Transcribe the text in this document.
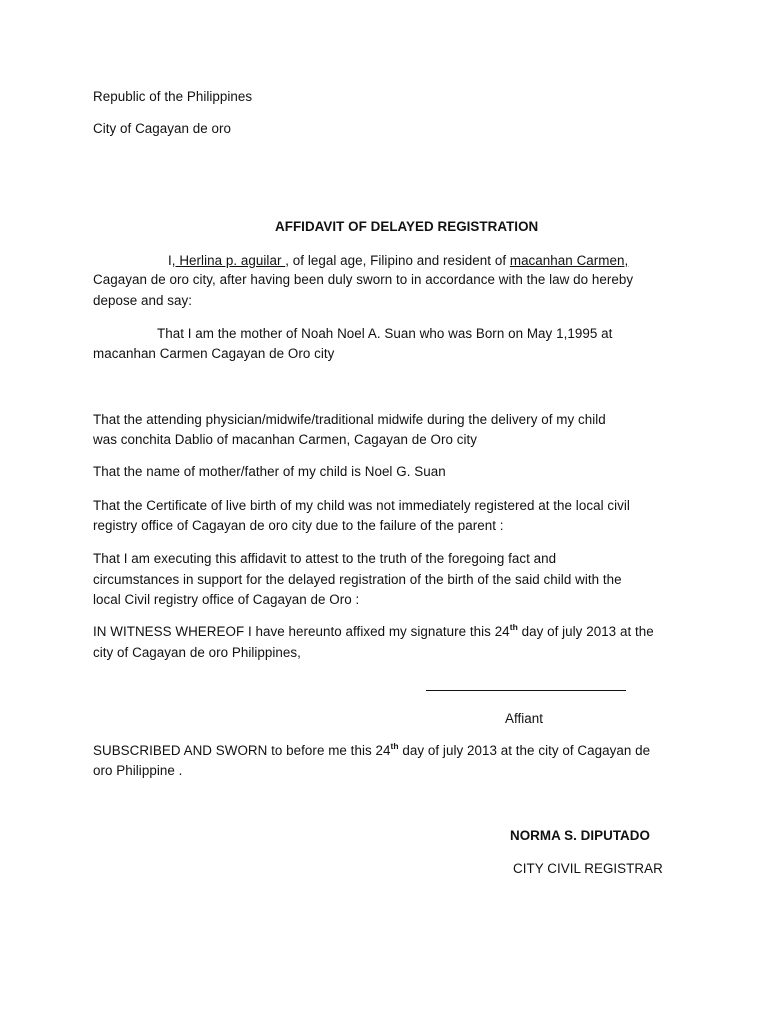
Republic of the Philippines
City of Cagayan de oro
AFFIDAVIT OF DELAYED REGISTRATION
I, Herlina p. aguilar , of legal age, Filipino and resident of macanhan Carmen,
Cagayan de oro city, after having been duly sworn to in accordance with the law do hereby
depose and say:
That I am the mother of Noah Noel A. Suan who was Born on May 1,1995 at
macanhan Carmen Cagayan de Oro city
That the attending physician/midwife/traditional midwife during the delivery of my child
was conchita Dablio of macanhan Carmen, Cagayan de Oro city
That the name of mother/father of my child is Noel G. Suan
That the Certificate of live birth of my child was not immediately registered at the local civil
registry office of Cagayan de oro city due to the failure of the parent :
That I am executing this affidavit to attest to the truth of the foregoing fact and
circumstances in support for the delayed registration of the birth of the said child with the
local Civil registry office of Cagayan de Oro :
IN WITNESS WHEREOF I have hereunto affixed my signature this 24th day of july 2013 at the
city of Cagayan de oro Philippines,
Affiant
SUBSCRIBED AND SWORN to before me this 24th day of july 2013 at the city of Cagayan de
oro Philippine .
NORMA S. DIPUTADO
CITY CIVIL REGISTRAR
